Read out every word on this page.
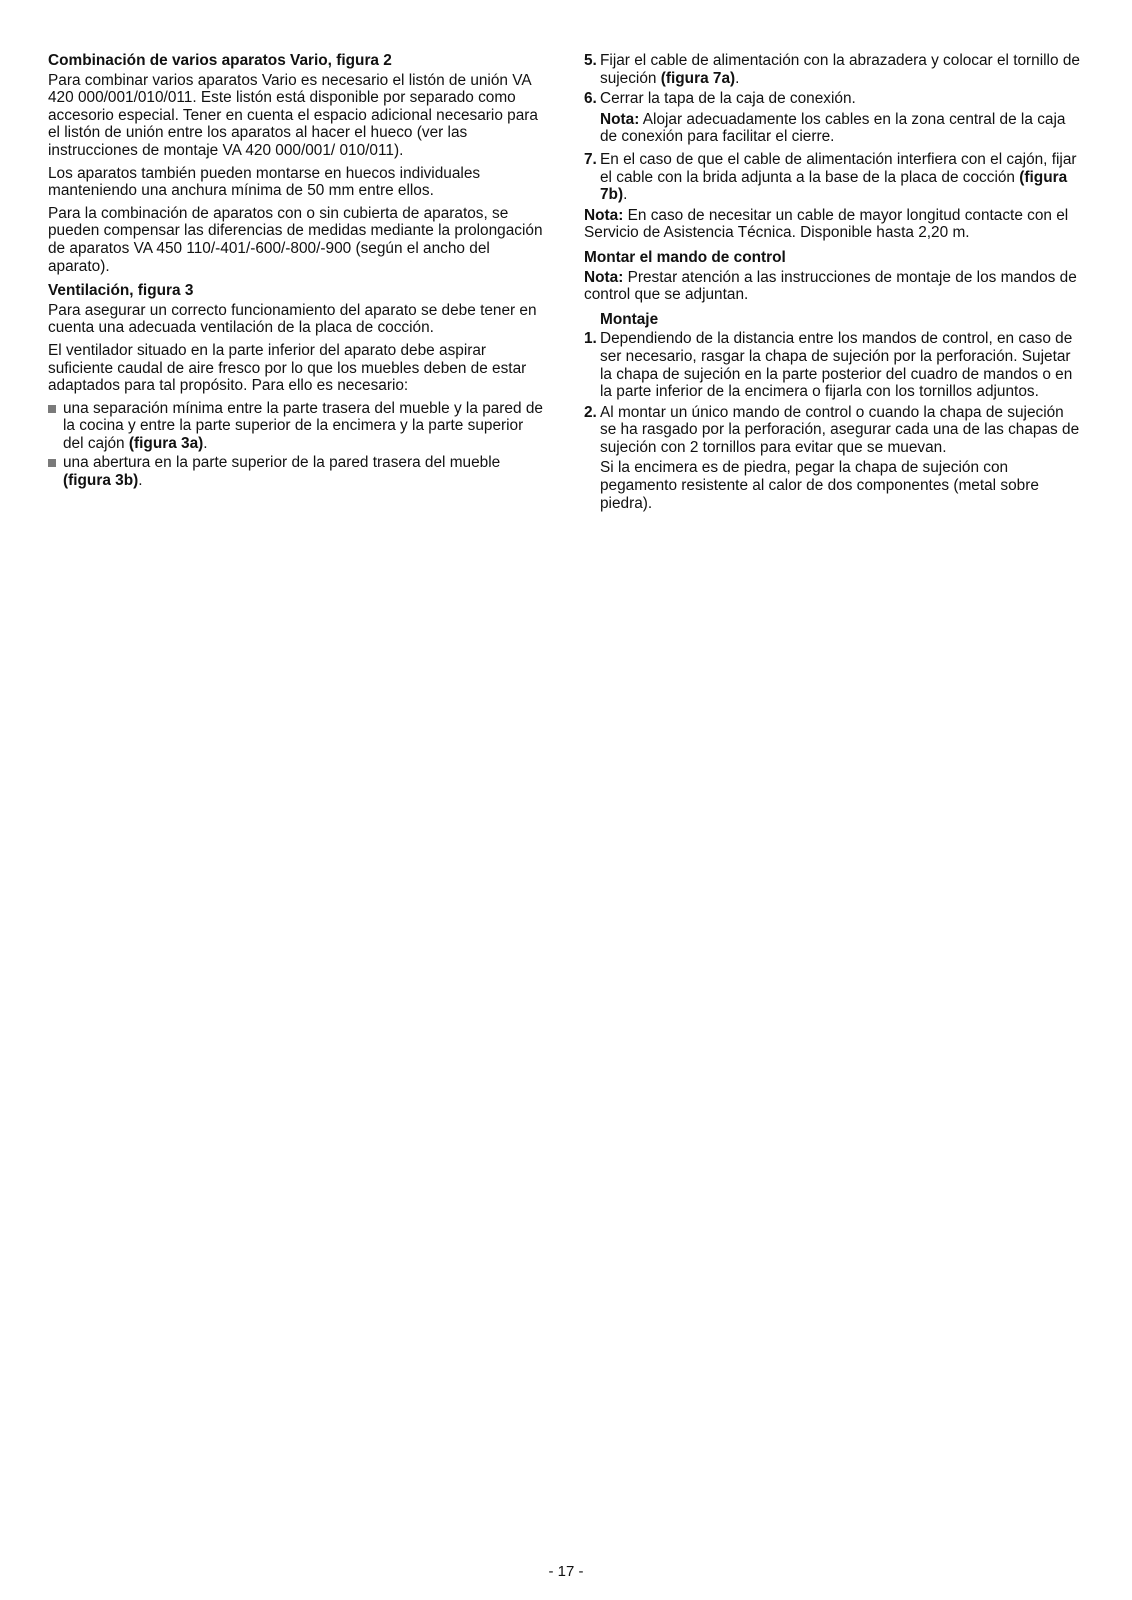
Combinación de varios aparatos Vario, figura 2

Para combinar varios aparatos Vario es necesario el listón de unión VA 420 000/001/010/011. Este listón está disponible por separado como accesorio especial. Tener en cuenta el espacio adicional necesario para el listón de unión entre los aparatos al hacer el hueco (ver las instrucciones de montaje VA 420 000/001/ 010/011).

Los aparatos también pueden montarse en huecos individuales manteniendo una anchura mínima de 50 mm entre ellos.

Para la combinación de aparatos con o sin cubierta de aparatos, se pueden compensar las diferencias de medidas mediante la prolongación de aparatos VA 450 110/-401/-600/-800/-900 (según el ancho del aparato).

Ventilación, figura 3

Para asegurar un correcto funcionamiento del aparato se debe tener en cuenta una adecuada ventilación de la placa de cocción.

El ventilador situado en la parte inferior del aparato debe aspirar suficiente caudal de aire fresco por lo que los muebles deben de estar adaptados para tal propósito. Para ello es necesario:

una separación mínima entre la parte trasera del mueble y la pared de la cocina y entre la parte superior de la encimera y la parte superior del cajón (figura 3a).
una abertura en la parte superior de la pared trasera del mueble (figura 3b).
5. Fijar el cable de alimentación con la abrazadera y colocar el tornillo de sujeción (figura 7a).
6. Cerrar la tapa de la caja de conexión.

Nota: Alojar adecuadamente los cables en la zona central de la caja de conexión para facilitar el cierre.

7. En el caso de que el cable de alimentación interfiera con el cajón, fijar el cable con la brida adjunta a la base de la placa de cocción (figura 7b).

Nota: En caso de necesitar un cable de mayor longitud contacte con el Servicio de Asistencia Técnica. Disponible hasta 2,20 m.

Montar el mando de control

Nota: Prestar atención a las instrucciones de montaje de los mandos de control que se adjuntan.

Montaje
1. Dependiendo de la distancia entre los mandos de control, en caso de ser necesario, rasgar la chapa de sujeción por la perforación. Sujetar la chapa de sujeción en la parte posterior del cuadro de mandos o en la parte inferior de la encimera o fijarla con los tornillos adjuntos.
2. Al montar un único mando de control o cuando la chapa de sujeción se ha rasgado por la perforación, asegurar cada una de las chapas de sujeción con 2 tornillos para evitar que se muevan.

Si la encimera es de piedra, pegar la chapa de sujeción con pegamento resistente al calor de dos componentes (metal sobre piedra).

- 17 -
